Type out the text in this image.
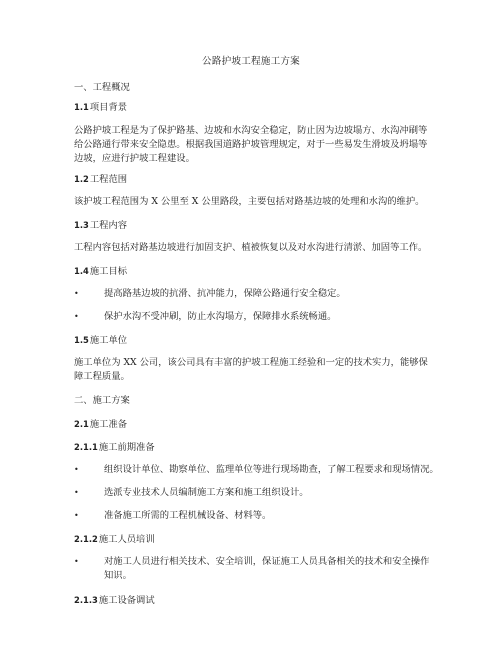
公路护坡工程施工方案
一、工程概况
1.1项目背景
公路护坡工程是为了保护路基、边坡和水沟安全稳定，防止因为边坡塌方、水沟冲刷等给公路通行带来安全隐患。根据我国道路护坡管理规定，对于一些易发生滑坡及坍塌等边坡，应进行护坡工程建设。
1.2工程范围
该护坡工程范围为 X 公里至 X 公里路段，主要包括对路基边坡的处理和水沟的维护。
1.3工程内容
工程内容包括对路基边坡进行加固支护、植被恢复以及对水沟进行清淤、加固等工作。
1.4施工目标
•	提高路基边坡的抗滑、抗冲能力，保障公路通行安全稳定。
•	保护水沟不受冲刷，防止水沟塌方，保障排水系统畅通。
1.5施工单位
施工单位为 XX 公司，该公司具有丰富的护坡工程施工经验和一定的技术实力，能够保障工程质量。
二、施工方案
2.1施工准备
2.1.1施工前期准备
•	组织设计单位、勘察单位、监理单位等进行现场勘查，了解工程要求和现场情况。
•	选派专业技术人员编制施工方案和施工组织设计。
•	准备施工所需的工程机械设备、材料等。
2.1.2施工人员培训
•	对施工人员进行相关技术、安全培训，保证施工人员具备相关的技术和安全操作知识。
2.1.3施工设备调试
